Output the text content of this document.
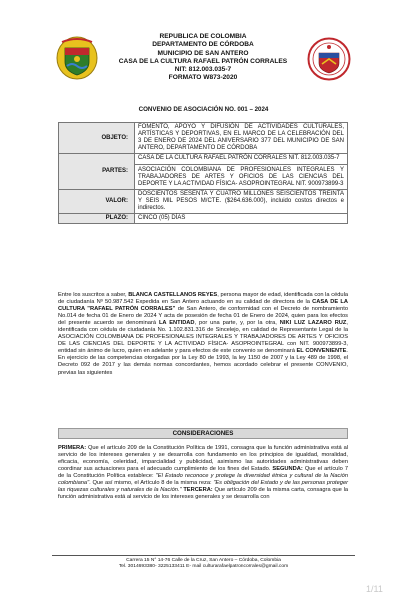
REPUBLICA DE COLOMBIA
DEPARTAMENTO DE CÓRDOBA
MUNICIPIO DE SAN ANTERO
CASA DE LA CULTURA RAFAEL PATRÓN CORRALES
NIT: 812.003.035-7
FORMATO W873-2020
CONVENIO DE ASOCIACIÓN NO. 001 – 2024
OBJETO:	FOMENTO, APOYO Y DIFUSIÓN DE ACTIVIDADES CULTURALES, ARTÍSTICAS Y DEPORTIVAS, EN EL MARCO DE LA CELEBRACIÓN DEL 3 DE ENERO DE 2024 DEL ANIVERSARIO 377 DEL MUNICIPIO DE SAN ANTERO, DEPARTAMENTO DE CÓRDOBA
PARTES:	CASA DE LA CULTURA RAFAEL PATRÓN CORRALES NIT. 812.003.035-7
ASOCIACIÓN COLOMBIANA DE PROFESIONALES INTEGRALES Y TRABAJADORES DE ARTES Y OFICIOS DE LAS CIENCIAS DEL DEPORTE Y LA ACTIVIDAD FÍSICA- ASOPROINTEGRAL NIT. 900973899-3

VALOR:	DOSCIENTOS SESENTA Y CUATRO MILLONES SEISCIENTOS TREINTA Y SEIS MIL PESOS M/CTE. ($264.636.000), incluido costos directos e indirectos.
PLAZO:	CINCO (05) DÍAS

Entre los suscritos a saber, BLANCA CASTELLANOS REYES, persona mayor de edad, identificada con la cédula de ciudadanía Nº 50.987.542 Expedida en San Antero actuando en su calidad de directora de la CASA DE LA CULTURA "RAFAEL PATRÓN CORRALES" de San Antero, de conformidad con el Decreto de nombramiento No.014 de fecha 01 de Enero de 2024 Y acta de posesión de fecha 01 de Enero de 2024, quien para los efectos del presente acuerdo se denominará LA ENTIDAD, por una parte, y, por la otra, NIKI LUZ LAZARO RUZ, identificada con cédula de ciudadanía No. 1.102.831.316 de Sincelejo, en calidad de Representante Legal de la ASOCIACIÓN COLOMBIANA DE PROFESIONALES INTEGRALES Y TRABAJADORES DE ARTES Y OFICIOS DE LAS CIENCIAS DEL DEPORTE Y LA ACTIVIDAD FÍSICA- ASOPROINTEGRAL con NIT. 900973899-3, entidad sin ánimo de lucro, quien en adelante y para efectos de este convenio se denominará EL CONVENIENTE. En ejercicio de las competencias otorgadas por la Ley 80 de 1993, la ley 1150 de 2007 y la Ley 489 de 1998, el Decreto 092 de 2017 y las demás normas concordantes, hemos acordado celebrar el presente CONVENIO, previas las siguientes

CONSIDERACIONES

PRIMERA: Que el artículo 209 de la Constitución Política de 1991, consagra que la función administrativa está al servicio de los intereses generales y se desarrolla con fundamento en los principios de igualdad, moralidad, eficacia, economía, celeridad, imparcialidad y publicidad, asimismo las autoridades administrativas deben coordinar sus actuaciones para el adecuado cumplimiento de los fines del Estado. SEGUNDA: Que el artículo 7 de la Constitución Política establece: "El Estado reconoce y protege la diversidad étnica y cultural de la Nación colombiana". Que así mismo, el Artículo 8 de la misma reza: "Es obligación del Estado y de las personas proteger las riquezas culturales y naturales de la Nación." TERCERA: Que artículo 209 de la misma carta, consagra que la función administrativa está al servicio de los intereses generales y se desarrolla con

Carrera 15 N° 14-76 Calle de la Cruz, San Antero – Córdoba, Colombia
Tel. 3014693380- 3225133411 E- mail culturarafaelpatroncorrales@gmail.com
1/11
